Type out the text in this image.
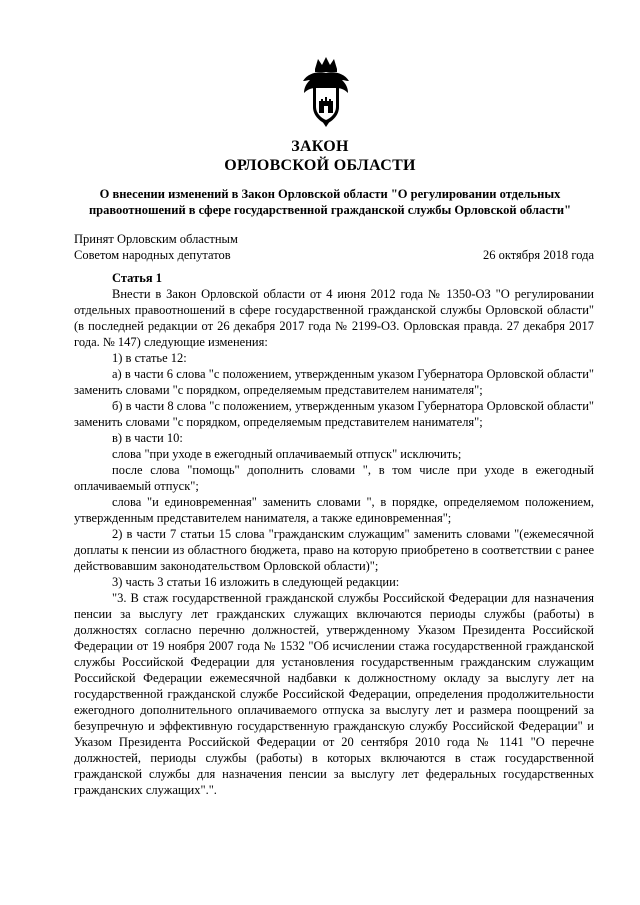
ЗАКОН
ОРЛОВСКОЙ ОБЛАСТИ
О внесении изменений в Закон Орловской области "О регулировании отдельных
правоотношений в сфере государственной гражданской службы Орловской области"
Принят Орловским областным
Советом народных депутатов	26 октября 2018 года

Статья 1

Внести в Закон Орловской области от 4 июня 2012 года № 1350-ОЗ "О регулировании отдельных правоотношений в сфере государственной гражданской службы Орловской области" (в последней редакции от 26 декабря 2017 года № 2199-ОЗ. Орловская правда. 27 декабря 2017 года. № 147) следующие изменения:

1) в статье 12:

а) в части 6 слова "с положением, утвержденным указом Губернатора Орловской области" заменить словами "с порядком, определяемым представителем нанимателя";

б) в части 8 слова "с положением, утвержденным указом Губернатора Орловской области" заменить словами "с порядком, определяемым представителем нанимателя";

в) в части 10:

слова "при уходе в ежегодный оплачиваемый отпуск" исключить;

после слова "помощь" дополнить словами ", в том числе при уходе в ежегодный оплачиваемый отпуск";

слова "и единовременная" заменить словами ", в порядке, определяемом положением, утвержденным представителем нанимателя, а также единовременная";

2) в части 7 статьи 15 слова "гражданским служащим" заменить словами "(ежемесячной доплаты к пенсии из областного бюджета, право на которую приобретено в соответствии с ранее действовавшим законодательством Орловской области)";

3) часть 3 статьи 16 изложить в следующей редакции:

"3. В стаж государственной гражданской службы Российской Федерации для назначения пенсии за выслугу лет гражданских служащих включаются периоды службы (работы) в должностях согласно перечню должностей, утвержденному Указом Президента Российской Федерации от 19 ноября 2007 года № 1532 "Об исчислении стажа государственной гражданской службы Российской Федерации для установления государственным гражданским служащим Российской Федерации ежемесячной надбавки к должностному окладу за выслугу лет на государственной гражданской службе Российской Федерации, определения продолжительности ежегодного дополнительного оплачиваемого отпуска за выслугу лет и размера поощрений за безупречную и эффективную государственную гражданскую службу Российской Федерации" и Указом Президента Российской Федерации от 20 сентября 2010 года № 1141 "О перечне должностей, периоды службы (работы) в которых включаются в стаж государственной гражданской службы для назначения пенсии за выслугу лет федеральных государственных гражданских служащих".".
